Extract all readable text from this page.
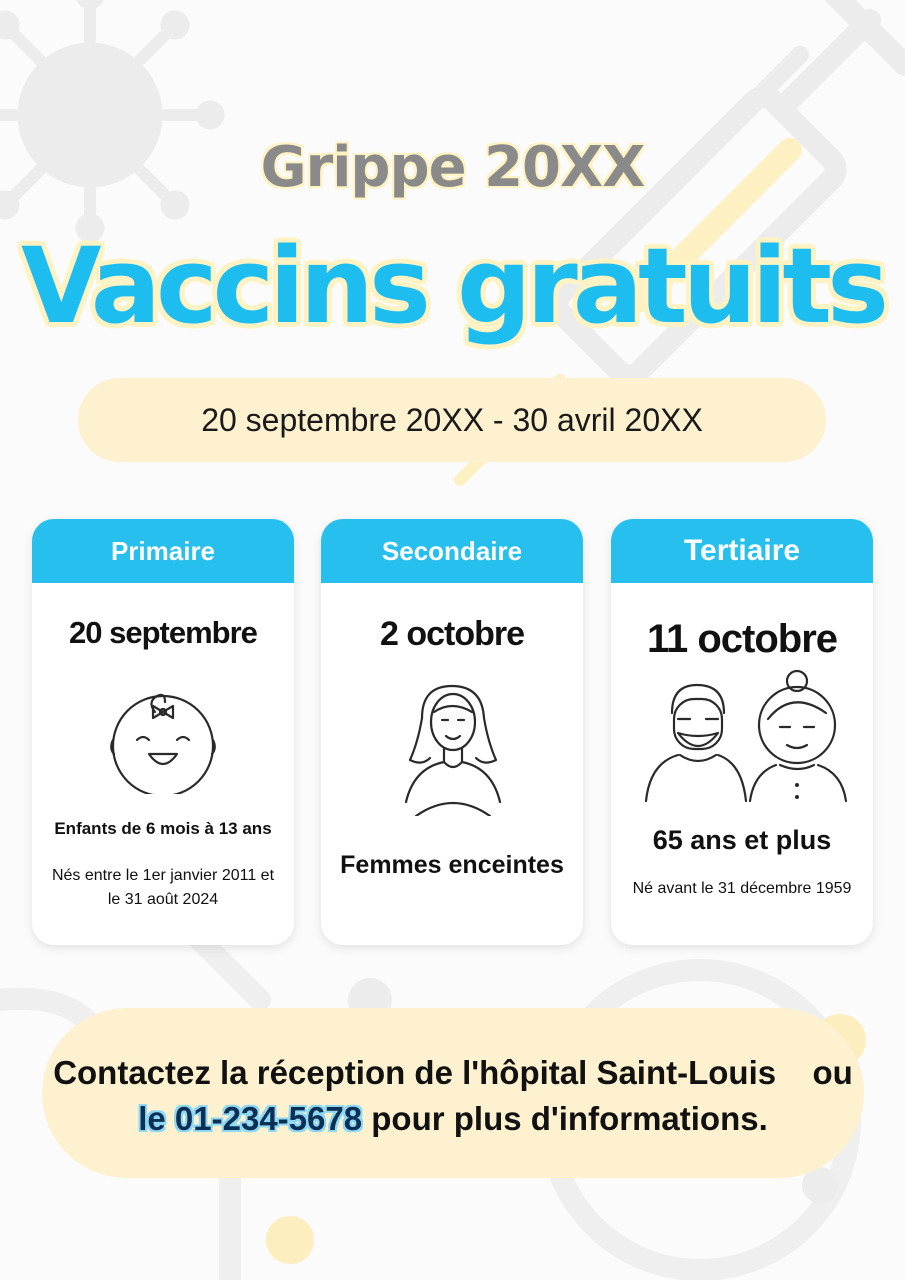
Grippe 20XX
Vaccins gratuits
20 septembre 20XX - 30 avril 20XX
Primaire
20 septembre
Enfants de 6 mois à 13 ans
Nés entre le 1er janvier 2011 et
le 31 août 2024
Secondaire
2 octobre
Femmes enceintes
Tertiaire
11 octobre
65 ans et plus
Né avant le 31 décembre 1959
Contactez la réception de l'hôpital Saint-Louis ou
le 01-234-5678 pour plus d'informations.
